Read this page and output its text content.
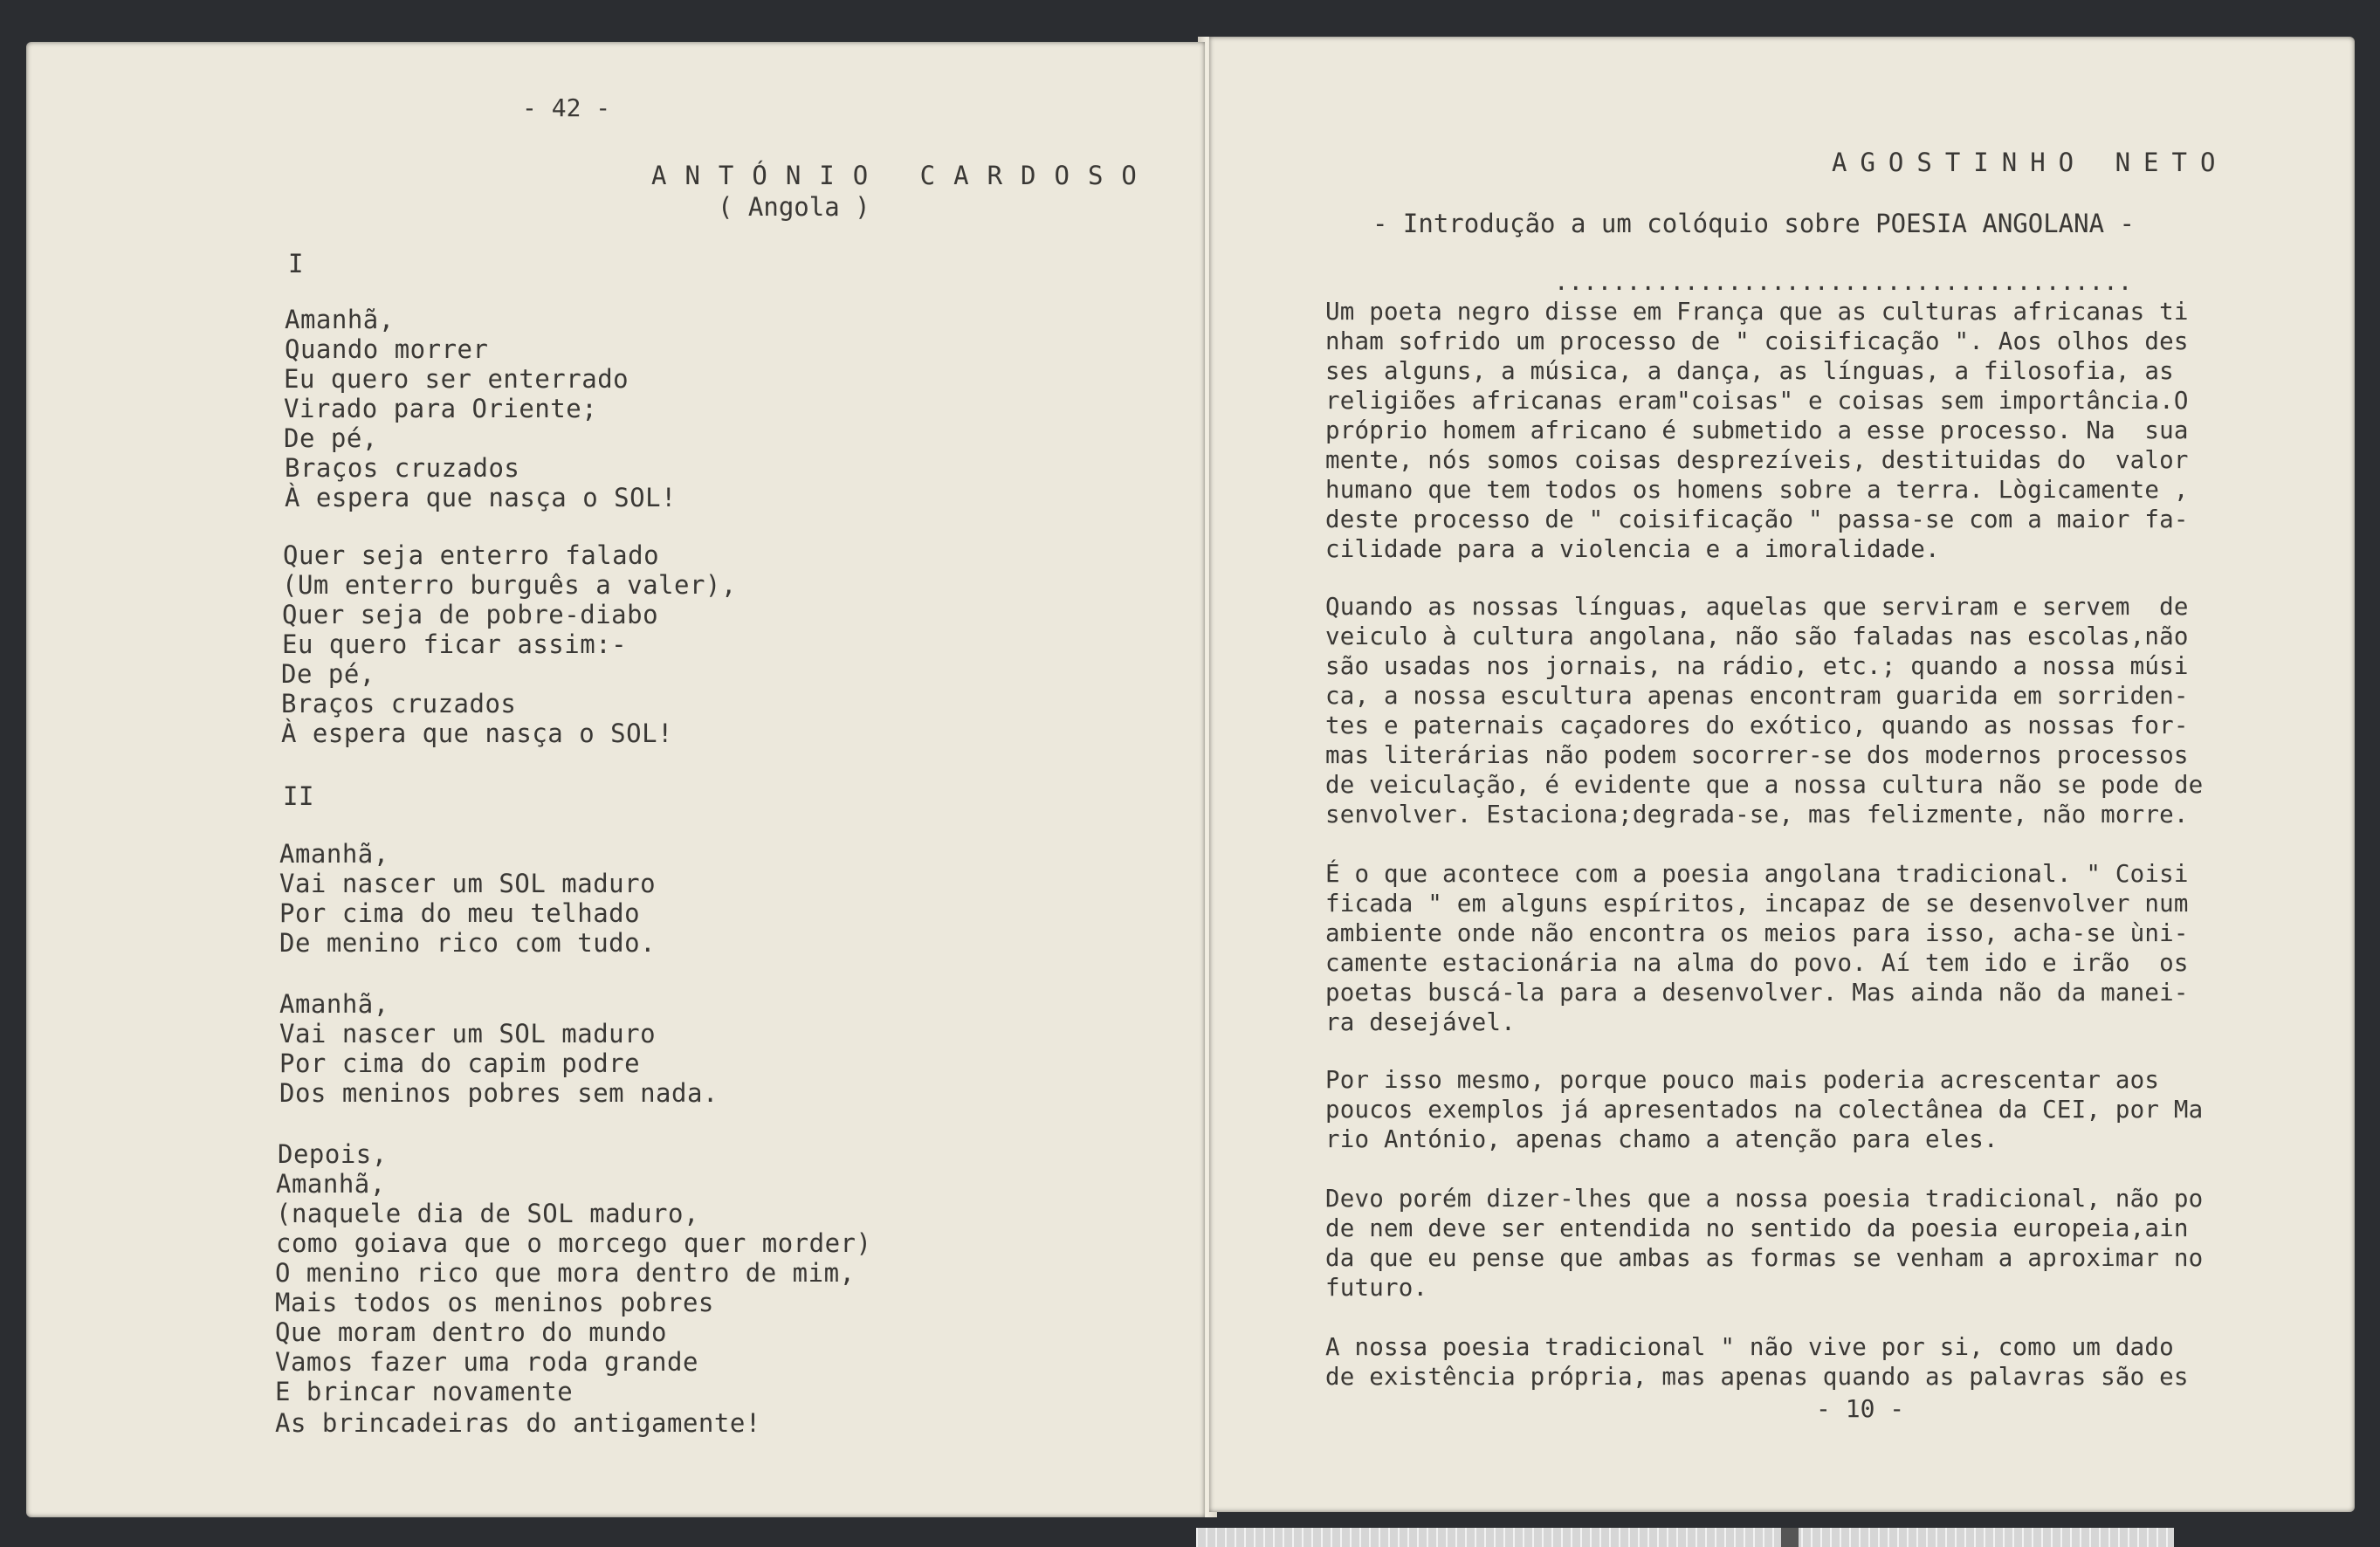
- 42 -
ANTÓNIO CARDOSO
( Angola )
I
Amanhã,
Quando morrer
Eu quero ser enterrado
Virado para Oriente;
De pé,
Braços cruzados
À espera que nasça o SOL!
Quer seja enterro falado
(Um enterro burguês a valer),
Quer seja de pobre-diabo
Eu quero ficar assim:-
De pé,
Braços cruzados
À espera que nasça o SOL!
II
Amanhã,
Vai nascer um SOL maduro
Por cima do meu telhado
De menino rico com tudo.
Amanhã,
Vai nascer um SOL maduro
Por cima do capim podre
Dos meninos pobres sem nada.
Depois,
Amanhã,
(naquele dia de SOL maduro,
como goiava que o morcego quer morder)
O menino rico que mora dentro de mim,
Mais todos os meninos pobres
Que moram dentro do mundo
Vamos fazer uma roda grande
E brincar novamente
As brincadeiras do antigamente!
AGOSTINHO NETO
- Introdução a um colóquio sobre POESIA ANGOLANA -
........................................
Um poeta negro disse em França que as culturas africanas ti
nham sofrido um processo de " coisificação ". Aos olhos des
ses alguns, a música, a dança, as línguas, a filosofia, as
religiões africanas eram"coisas" e coisas sem importância.O
próprio homem africano é submetido a esse processo. Na  sua
mente, nós somos coisas desprezíveis, destituidas do  valor
humano que tem todos os homens sobre a terra. Lògicamente ,
deste processo de " coisificação " passa-se com a maior fa-
cilidade para a violencia e a imoralidade.
Quando as nossas línguas, aquelas que serviram e servem  de
veiculo à cultura angolana, não são faladas nas escolas,não
são usadas nos jornais, na rádio, etc.; quando a nossa músi
ca, a nossa escultura apenas encontram guarida em sorriden-
tes e paternais caçadores do exótico, quando as nossas for-
mas literárias não podem socorrer-se dos modernos processos
de veiculação, é evidente que a nossa cultura não se pode de
senvolver. Estaciona;degrada-se, mas felizmente, não morre.
É o que acontece com a poesia angolana tradicional. " Coisi
ficada " em alguns espíritos, incapaz de se desenvolver num
ambiente onde não encontra os meios para isso, acha-se ùni-
camente estacionária na alma do povo. Aí tem ido e irão  os
poetas buscá-la para a desenvolver. Mas ainda não da manei-
ra desejável.
Por isso mesmo, porque pouco mais poderia acrescentar aos
poucos exemplos já apresentados na colectânea da CEI, por Ma
rio António, apenas chamo a atenção para eles.
Devo porém dizer-lhes que a nossa poesia tradicional, não po
de nem deve ser entendida no sentido da poesia europeia,ain
da que eu pense que ambas as formas se venham a aproximar no
futuro.
A nossa poesia tradicional " não vive por si, como um dado
de existência própria, mas apenas quando as palavras são es
- 10 -
